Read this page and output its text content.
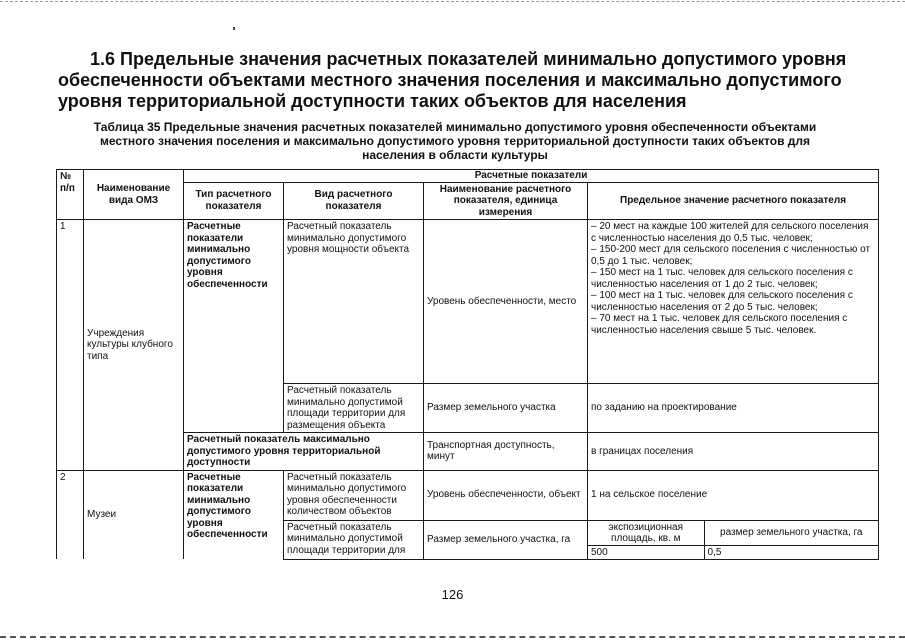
1.6 Предельные значения расчетных показателей минимально допустимого уровня
обеспеченности объектами местного значения поселения и максимально допустимого
уровня территориальной доступности таких объектов для населения
Таблица 35 Предельные значения расчетных показателей минимально допустимого уровня обеспеченности объектами
местного значения поселения и максимально допустимого уровня территориальной доступности таких объектов для
населения в области культуры
№ п/п	Наименование вида ОМЗ	Расчетные показатели
Тип расчетного показателя	Вид расчетного показателя	Наименование расчетного показателя, единица измерения	Предельное значение расчетного показателя
1	Учреждения культуры клубного типа	Расчетные показатели минимально допустимого уровня обеспеченности	Расчетный показатель минимально допустимого уровня мощности объекта	Уровень обеспеченности, место	
– 20 мест на каждые 100 жителей для сельского поселения с численностью населения до 0,5 тыс. человек;
– 150-200 мест для сельского поселения с численностью от 0,5 до 1 тыс. человек;
– 150 мест на 1 тыс. человек для сельского поселения с численностью населения от 1 до 2 тыс. человек;
– 100 мест на 1 тыс. человек для сельского поселения с численностью населения от 2 до 5 тыс. человек;
– 70 мест на 1 тыс. человек для сельского поселения с численностью населения свыше 5 тыс. человек.

Расчетный показатель минимально допустимой площади территории для размещения объекта	Размер земельного участка	по заданию на проектирование
Расчетный показатель максимально допустимого уровня территориальной доступности	Транспортная доступность, минут	в границах поселения
2	Музеи	Расчетные показатели минимально допустимого уровня обеспеченности	Расчетный показатель минимально допустимого уровня обеспеченности количеством объектов	Уровень обеспеченности, объект	1 на сельское поселение
Расчетный показатель минимально допустимой площади территории для	Размер земельного участка, га	
экспозиционная площадь, кв. м	размер земельного участка, га
500	0,5
126
